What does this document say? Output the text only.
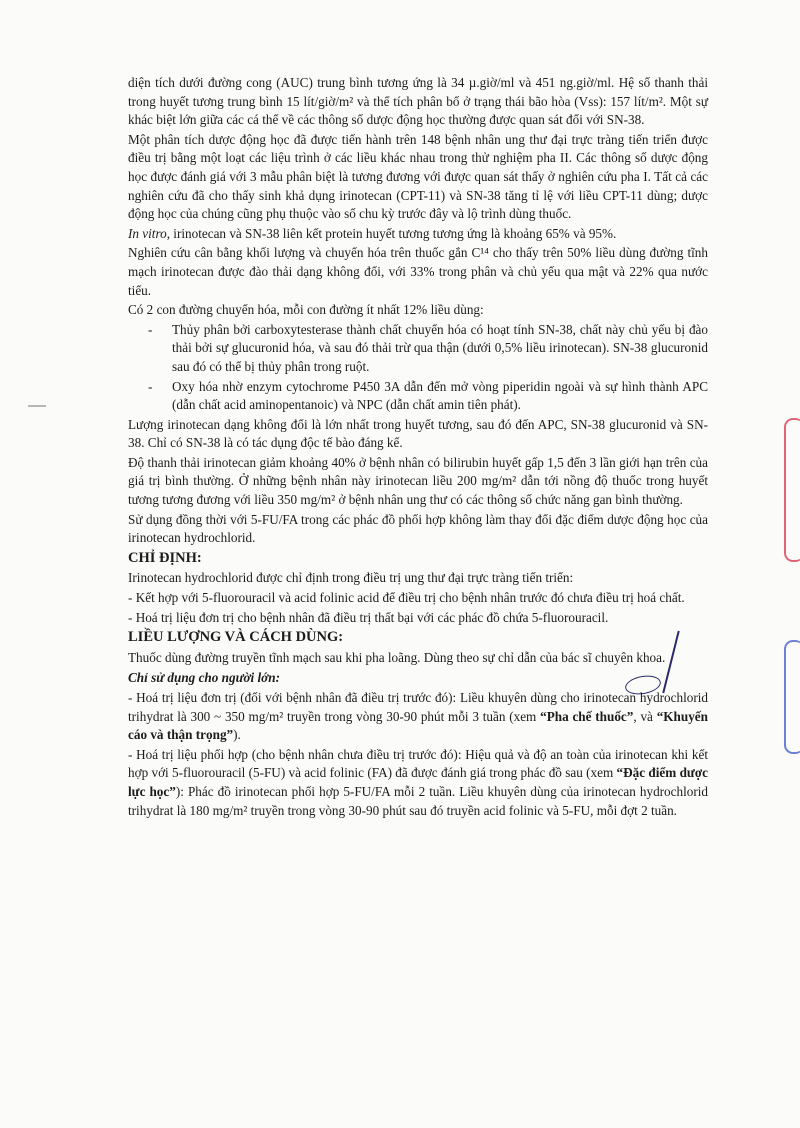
diện tích dưới đường cong (AUC) trung bình tương ứng là 34 µ.giờ/ml và 451 ng.giờ/ml. Hệ số thanh thải trong huyết tương trung bình 15 lít/giờ/m² và thể tích phân bố ở trạng thái bão hòa (Vss): 157 lít/m². Một sự khác biệt lớn giữa các cá thể về các thông số dược động học thường được quan sát đối với SN-38.

Một phân tích dược động học đã được tiến hành trên 148 bệnh nhân ung thư đại trực tràng tiến triển được điều trị bằng một loạt các liệu trình ở các liều khác nhau trong thử nghiệm pha II. Các thông số dược động học được đánh giá với 3 mẫu phân biệt là tương đương với được quan sát thấy ở nghiên cứu pha I. Tất cả các nghiên cứu đã cho thấy sinh khả dụng irinotecan (CPT-11) và SN-38 tăng tỉ lệ với liều CPT-11 dùng; dược động học của chúng cũng phụ thuộc vào số chu kỳ trước đây và lộ trình dùng thuốc.

In vitro, irinotecan và SN-38 liên kết protein huyết tương tương ứng là khoảng 65% và 95%.

Nghiên cứu cân bằng khối lượng và chuyển hóa trên thuốc gắn C¹⁴ cho thấy trên 50% liều dùng đường tĩnh mạch irinotecan được đào thải dạng không đổi, với 33% trong phân và chủ yếu qua mật và 22% qua nước tiểu.

Có 2 con đường chuyển hóa, mỗi con đường ít nhất 12% liều dùng:

- Thủy phân bởi carboxytesterase thành chất chuyển hóa có hoạt tính SN-38, chất này chủ yếu bị đào thải bởi sự glucuronid hóa, và sau đó thải trừ qua thận (dưới 0,5% liều irinotecan). SN-38 glucuronid sau đó có thể bị thủy phân trong ruột.
- Oxy hóa nhờ enzym cytochrome P450 3A dẫn đến mở vòng piperidin ngoài và sự hình thành APC (dẫn chất acid aminopentanoic) và NPC (dẫn chất amin tiên phát).

Lượng irinotecan dạng không đổi là lớn nhất trong huyết tương, sau đó đến APC, SN-38 glucuronid và SN-38. Chỉ có SN-38 là có tác dụng độc tế bào đáng kể.

Độ thanh thải irinotecan giảm khoảng 40% ở bệnh nhân có bilirubin huyết gấp 1,5 đến 3 lần giới hạn trên của giá trị bình thường. Ở những bệnh nhân này irinotecan liều 200 mg/m² dẫn tới nồng độ thuốc trong huyết tương tương đương với liều 350 mg/m² ở bệnh nhân ung thư có các thông số chức năng gan bình thường.

Sử dụng đồng thời với 5-FU/FA trong các phác đồ phối hợp không làm thay đổi đặc điểm dược động học của irinotecan hydrochlorid.

CHỈ ĐỊNH:

Irinotecan hydrochlorid được chỉ định trong điều trị ung thư đại trực tràng tiến triển:

- Kết hợp với 5-fluorouracil và acid folinic acid để điều trị cho bệnh nhân trước đó chưa điều trị hoá chất.

- Hoá trị liệu đơn trị cho bệnh nhân đã điều trị thất bại với các phác đồ chứa 5-fluorouracil.

LIỀU LƯỢNG VÀ CÁCH DÙNG:

Thuốc dùng đường truyền tĩnh mạch sau khi pha loãng. Dùng theo sự chỉ dẫn của bác sĩ chuyên khoa.

Chỉ sử dụng cho người lớn:

- Hoá trị liệu đơn trị (đối với bệnh nhân đã điều trị trước đó): Liều khuyên dùng cho irinotecan hydrochlorid trihydrat là 300 ~ 350 mg/m² truyền trong vòng 30-90 phút mỗi 3 tuần (xem “Pha chế thuốc”, và “Khuyến cáo và thận trọng”).

- Hoá trị liệu phối hợp (cho bệnh nhân chưa điều trị trước đó): Hiệu quả và độ an toàn của irinotecan khi kết hợp với 5-fluorouracil (5-FU) và acid folinic (FA) đã được đánh giá trong phác đồ sau (xem “Đặc điểm dược lực học”): Phác đồ irinotecan phối hợp 5-FU/FA mỗi 2 tuần. Liều khuyên dùng của irinotecan hydrochlorid trihydrat là 180 mg/m² truyền trong vòng 30-90 phút sau đó truyền acid folinic và 5-FU, mỗi đợt 2 tuần.
